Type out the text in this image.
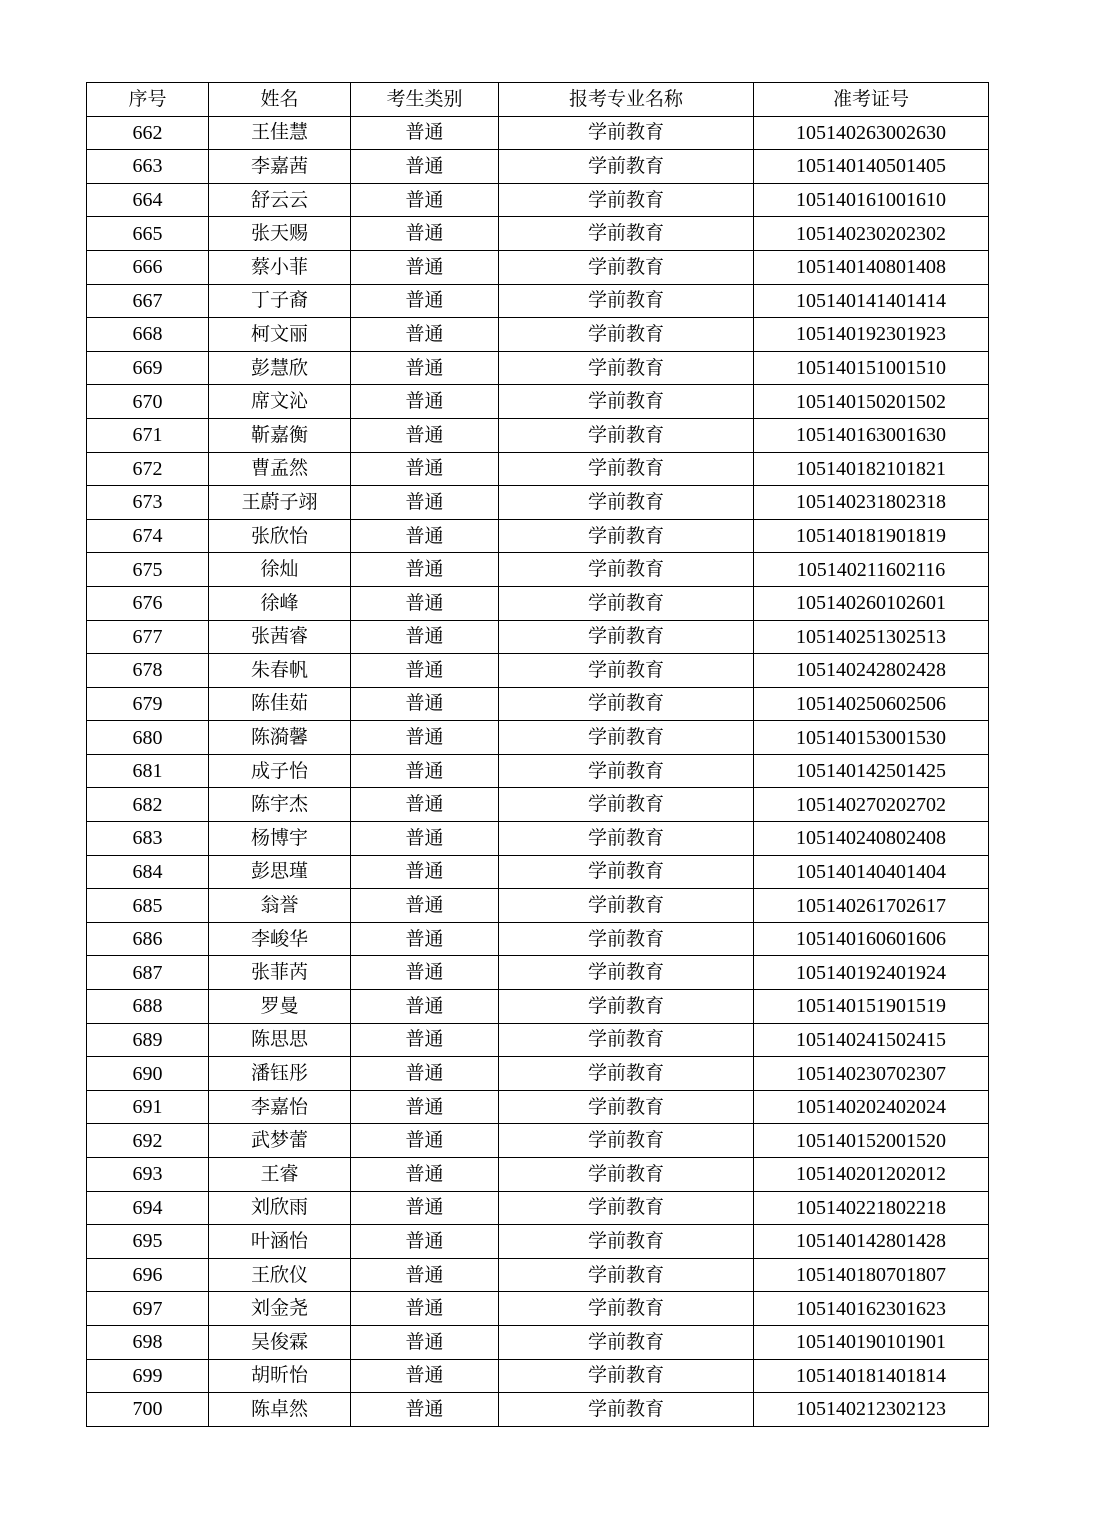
序号	姓名	考生类别	报考专业名称	准考证号
662	王佳慧	普通	学前教育	105140263002630
663	李嘉茜	普通	学前教育	105140140501405
664	舒云云	普通	学前教育	105140161001610
665	张天赐	普通	学前教育	105140230202302
666	蔡小菲	普通	学前教育	105140140801408
667	丁子裔	普通	学前教育	105140141401414
668	柯文丽	普通	学前教育	105140192301923
669	彭慧欣	普通	学前教育	105140151001510
670	席文沁	普通	学前教育	105140150201502
671	靳嘉衡	普通	学前教育	105140163001630
672	曹孟然	普通	学前教育	105140182101821
673	王蔚子翊	普通	学前教育	105140231802318
674	张欣怡	普通	学前教育	105140181901819
675	徐灿	普通	学前教育	105140211602116
676	徐峰	普通	学前教育	105140260102601
677	张茜睿	普通	学前教育	105140251302513
678	朱春帆	普通	学前教育	105140242802428
679	陈佳茹	普通	学前教育	105140250602506
680	陈漪馨	普通	学前教育	105140153001530
681	成子怡	普通	学前教育	105140142501425
682	陈宇杰	普通	学前教育	105140270202702
683	杨博宇	普通	学前教育	105140240802408
684	彭思瑾	普通	学前教育	105140140401404
685	翁誉	普通	学前教育	105140261702617
686	李峻华	普通	学前教育	105140160601606
687	张菲芮	普通	学前教育	105140192401924
688	罗曼	普通	学前教育	105140151901519
689	陈思思	普通	学前教育	105140241502415
690	潘钰彤	普通	学前教育	105140230702307
691	李嘉怡	普通	学前教育	105140202402024
692	武梦蕾	普通	学前教育	105140152001520
693	王睿	普通	学前教育	105140201202012
694	刘欣雨	普通	学前教育	105140221802218
695	叶涵怡	普通	学前教育	105140142801428
696	王欣仪	普通	学前教育	105140180701807
697	刘金尧	普通	学前教育	105140162301623
698	吴俊霖	普通	学前教育	105140190101901
699	胡昕怡	普通	学前教育	105140181401814
700	陈卓然	普通	学前教育	105140212302123
